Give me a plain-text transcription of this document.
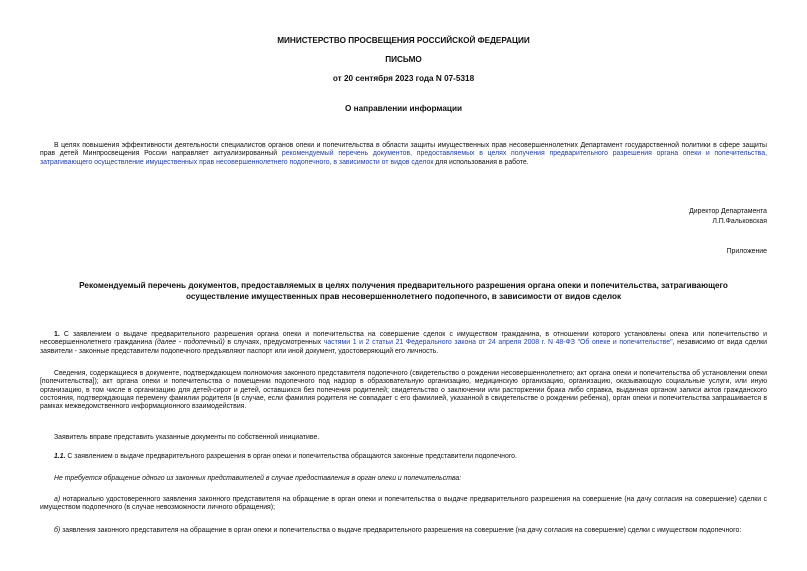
МИНИСТЕРСТВО ПРОСВЕЩЕНИЯ РОССИЙСКОЙ ФЕДЕРАЦИИ
ПИСЬМО
от 20 сентября 2023 года N 07-5318
О направлении информации
В целях повышения эффективности деятельности специалистов органов опеки и попечительства в области защиты имущественных прав несовершеннолетних Департамент государственной политики в сфере защиты прав детей Минпросвещения России направляет актуализированный рекомендуемый перечень документов, предоставляемых в целях получения предварительного разрешения органа опеки и попечительства, затрагивающего осуществление имущественных прав несовершеннолетнего подопечного, в зависимости от видов сделок для использования в работе.
Директор Департамента
Л.П.Фальковская
Приложение
Рекомендуемый перечень документов, предоставляемых в целях получения предварительного разрешения органа опеки и попечительства, затрагивающего осуществление имущественных прав несовершеннолетнего подопечного, в зависимости от видов сделок
1. С заявлением о выдаче предварительного разрешения органа опеки и попечительства на совершение сделок с имуществом гражданина, в отношении которого установлены опека или попечительство и несовершеннолетнего гражданина (далее - подопечный) в случаях, предусмотренных частями 1 и 2 статьи 21 Федерального закона от 24 апреля 2008 г. N 48-ФЗ "Об опеке и попечительстве", независимо от вида сделки заявители - законные представители подопечного предъявляют паспорт или иной документ, удостоверяющий его личность.
Сведения, содержащиеся в документе, подтверждающем полномочия законного представителя подопечного (свидетельство о рождении несовершеннолетнего; акт органа опеки и попечительства об установлении опеки [попечительства]); акт органа опеки и попечительства о помещении подопечного под надзор в образовательную организацию, медицинскую организацию, организацию, оказывающую социальные услуги, или иную организацию, в том числе в организацию для детей-сирот и детей, оставшихся без попечения родителей; свидетельство о заключении или расторжении брака либо справка, выданная органом записи актов гражданского состояния, подтверждающая перемену фамилии родителя (в случае, если фамилия родителя не совпадает с его фамилией, указанной в свидетельстве о рождении ребенка), орган опеки и попечительства запрашивается в рамках межведомственного информационного взаимодействия.
Заявитель вправе представить указанные документы по собственной инициативе.
1.1. С заявлением о выдаче предварительного разрешения в орган опеки и попечительства обращаются законные представители подопечного.
Не требуется обращение одного из законных представителей в случае предоставления в орган опеки и попечительства:
а) нотариально удостоверенного заявления законного представителя на обращение в орган опеки и попечительства о выдаче предварительного разрешения на совершение (на дачу согласия на совершение) сделки с имуществом подопечного (в случае невозможности личного обращения);
б) заявления законного представителя на обращение в орган опеки и попечительства о выдаче предварительного разрешения на совершение (на дачу согласия на совершение) сделки с имуществом подопечного:
